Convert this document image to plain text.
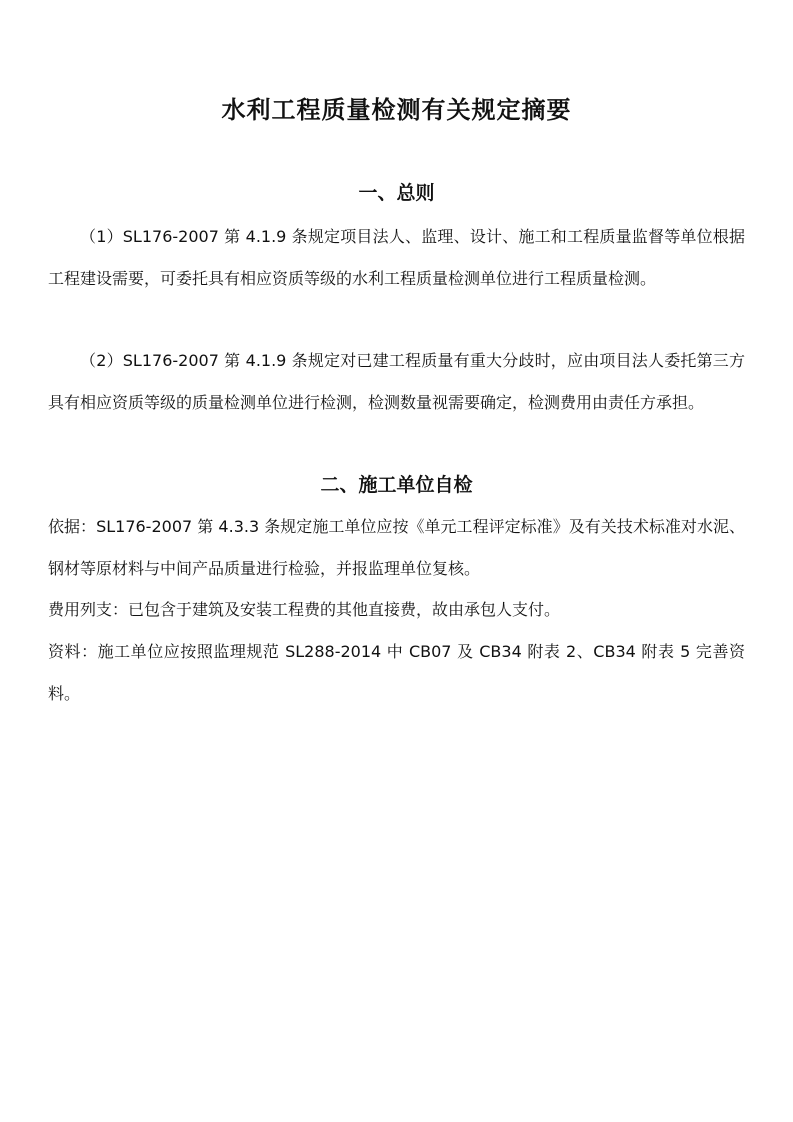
水利工程质量检测有关规定摘要
一、总则
（1）SL176-2007 第 4.1.9 条规定项目法人、监理、设计、施工和工程质量监督等单位根据工程建设需要，可委托具有相应资质等级的水利工程质量检测单位进行工程质量检测。
（2）SL176-2007 第 4.1.9 条规定对已建工程质量有重大分歧时，应由项目法人委托第三方具有相应资质等级的质量检测单位进行检测，检测数量视需要确定，检测费用由责任方承担。
二、施工单位自检
依据：SL176-2007 第 4.3.3 条规定施工单位应按《单元工程评定标准》及有关技术标准对水泥、钢材等原材料与中间产品质量进行检验，并报监理单位复核。
费用列支：已包含于建筑及安装工程费的其他直接费，故由承包人支付。
资料：施工单位应按照监理规范 SL288-2014 中 CB07 及 CB34 附表 2、CB34 附表 5 完善资料。
